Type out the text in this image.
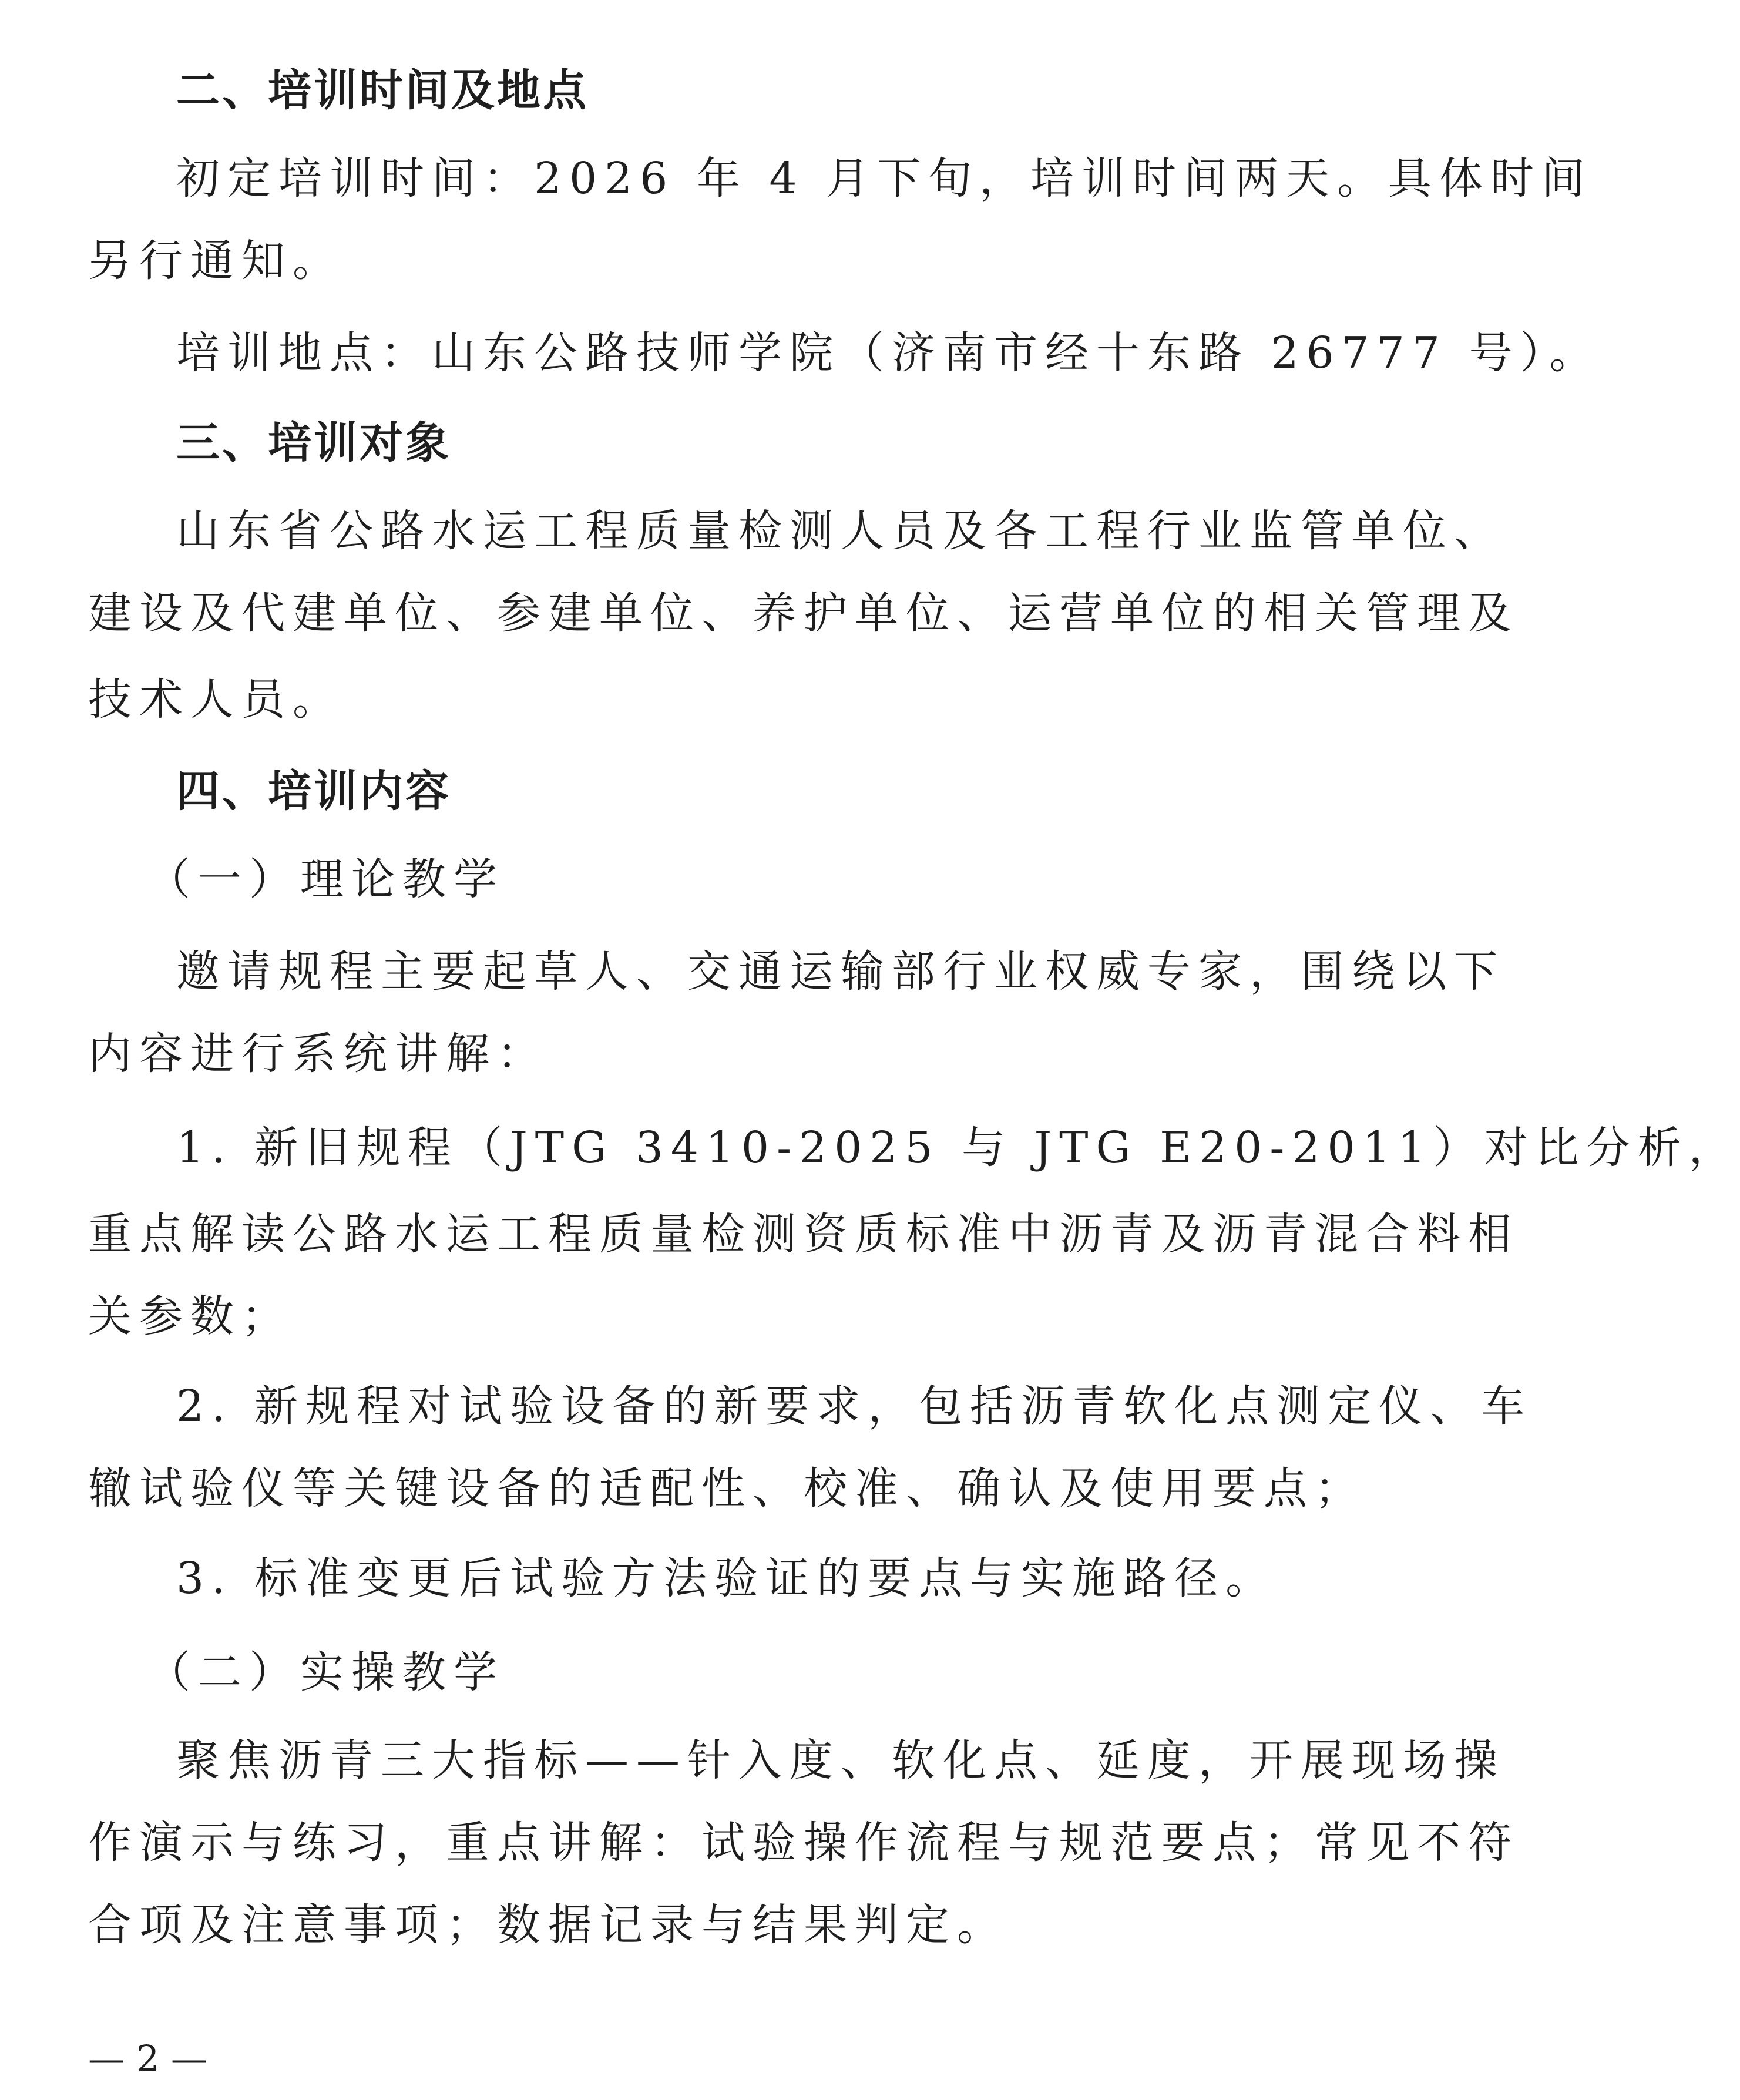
二、培训时间及地点
初定培训时间：2026 年 4 月下旬，培训时间两天。具体时间
另行通知。
培训地点：山东公路技师学院（济南市经十东路 26777 号）。
三、培训对象
山东省公路水运工程质量检测人员及各工程行业监管单位、
建设及代建单位、参建单位、养护单位、运营单位的相关管理及
技术人员。
四、培训内容
（一）理论教学
邀请规程主要起草人、交通运输部行业权威专家，围绕以下
内容进行系统讲解：
1. 新旧规程（JTG 3410-2025 与 JTG E20-2011）对比分析，
重点解读公路水运工程质量检测资质标准中沥青及沥青混合料相
关参数；
2. 新规程对试验设备的新要求，包括沥青软化点测定仪、车
辙试验仪等关键设备的适配性、校准、确认及使用要点；
3. 标准变更后试验方法验证的要点与实施路径。
（二）实操教学
聚焦沥青三大指标——针入度、软化点、延度，开展现场操
作演示与练习，重点讲解：试验操作流程与规范要点；常见不符
合项及注意事项；数据记录与结果判定。
— 2 —
